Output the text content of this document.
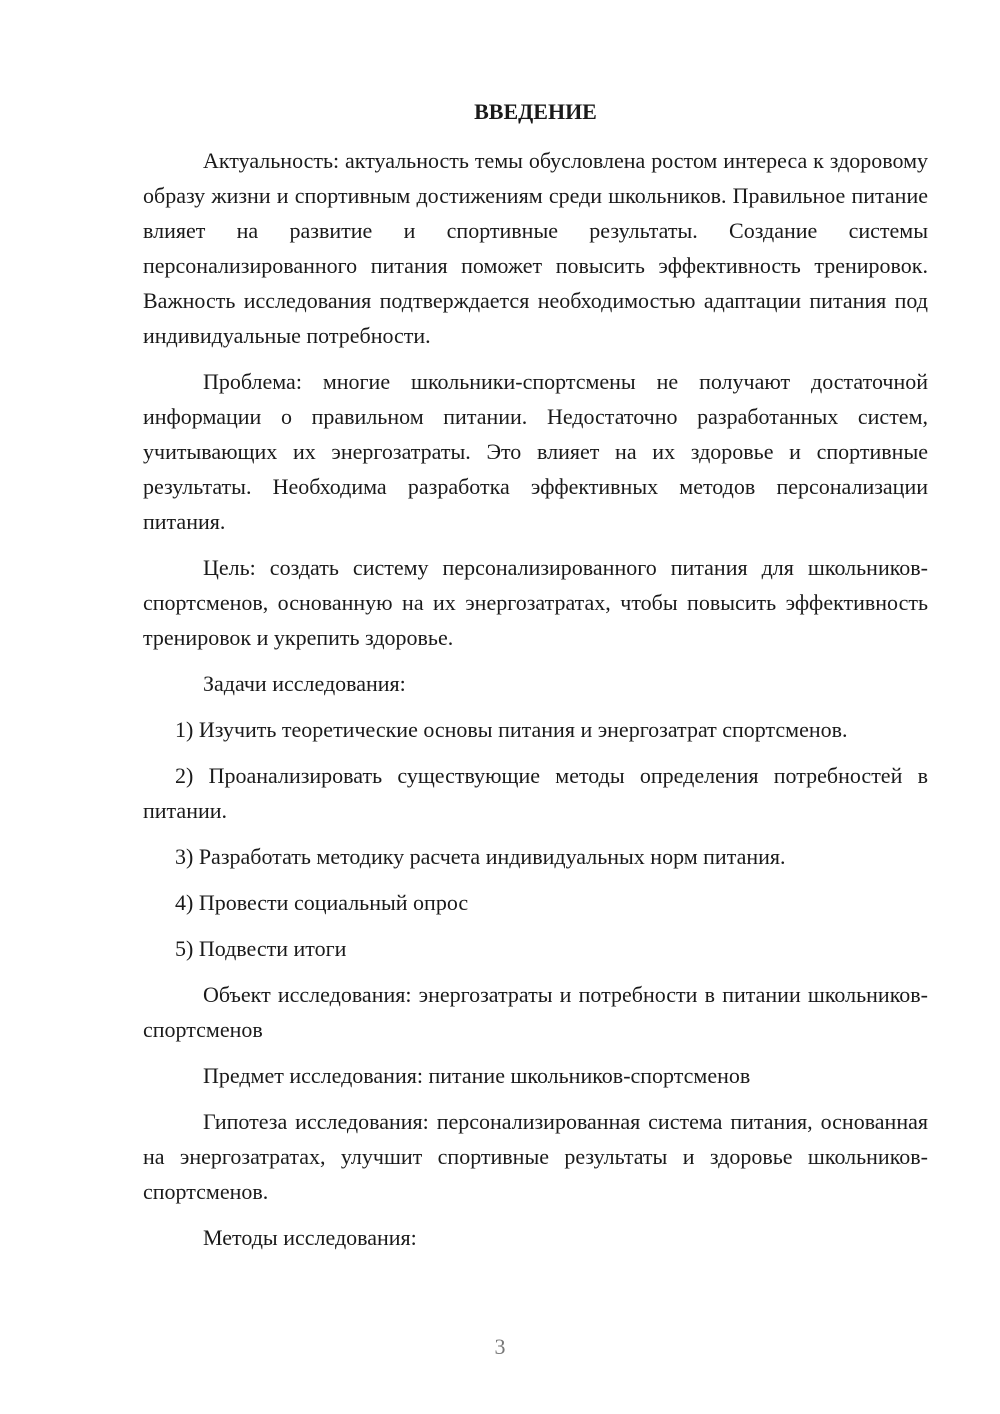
ВВЕДЕНИЕ

Актуальность: актуальность темы обусловлена ростом интереса к здоровому образу жизни и спортивным достижениям среди школьников. Правильное питание влияет на развитие и спортивные результаты. Создание системы персонализированного питания поможет повысить эффективность тренировок. Важность исследования подтверждается необходимостью адаптации питания под индивидуальные потребности.

Проблема: многие школьники-спортсмены не получают достаточной информации о правильном питании. Недостаточно разработанных систем, учитывающих их энергозатраты. Это влияет на их здоровье и спортивные результаты. Необходима разработка эффективных методов персонализации питания.

Цель: создать систему персонализированного питания для школьников-спортсменов, основанную на их энергозатратах, чтобы повысить эффективность тренировок и укрепить здоровье.

Задачи исследования:

1) Изучить теоретические основы питания и энергозатрат спортсменов.

2) Проанализировать существующие методы определения потребностей в питании.

3) Разработать методику расчета индивидуальных норм питания.

4) Провести социальный опрос

5) Подвести итоги

Объект исследования: энергозатраты и потребности в питании школьников-спортсменов

Предмет исследования: питание школьников-спортсменов

Гипотеза исследования: персонализированная система питания, основанная на энергозатратах, улучшит спортивные результаты и здоровье школьников-спортсменов.

Методы исследования:

3
